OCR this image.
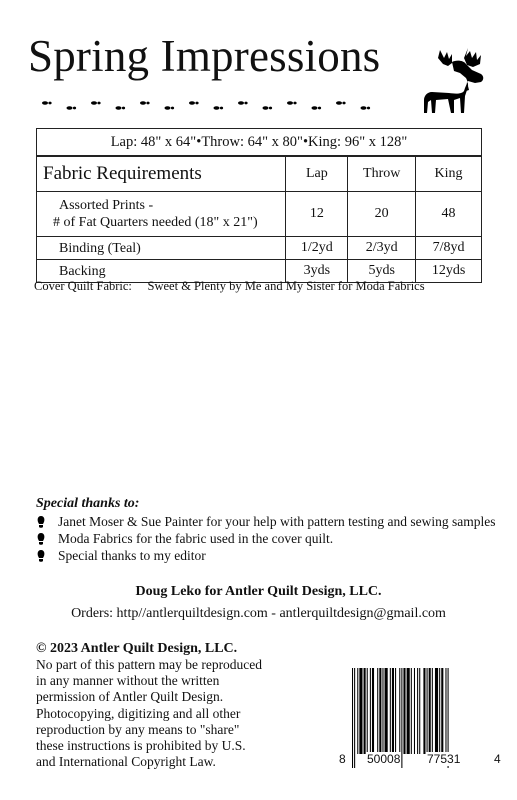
Spring Impressions
Lap: 48" x 64" • Throw: 64" x 80" • King: 96" x 128"
Fabric Requirements	Lap	Throw	King

Assorted Prints -
# of Fat Quarters needed (18" x 21")	12	20	48
Binding (Teal)	1/2yd	2/3yd	7/8yd
Backing	3yds	5yds	12yds
Cover Quilt Fabric: Sweet & Plenty by Me and My Sister for Moda Fabrics
Special thanks to:
Janet Moser & Sue Painter for your help with pattern testing and sewing samples
Moda Fabrics for the fabric used in the cover quilt.
Special thanks to my editor
Doug Leko for Antler Quilt Design, LLC.
Orders: http//antlerquiltdesign.com - antlerquiltdesign@gmail.com
© 2023 Antler Quilt Design, LLC.
No part of this pattern may be reproduced
in any manner without the written
permission of Antler Quilt Design.
Photocopying, digitizing and all other
reproduction by any means to "share"
these instructions is prohibited by U.S.
and International Copyright Law.	8 50008 77531	4
